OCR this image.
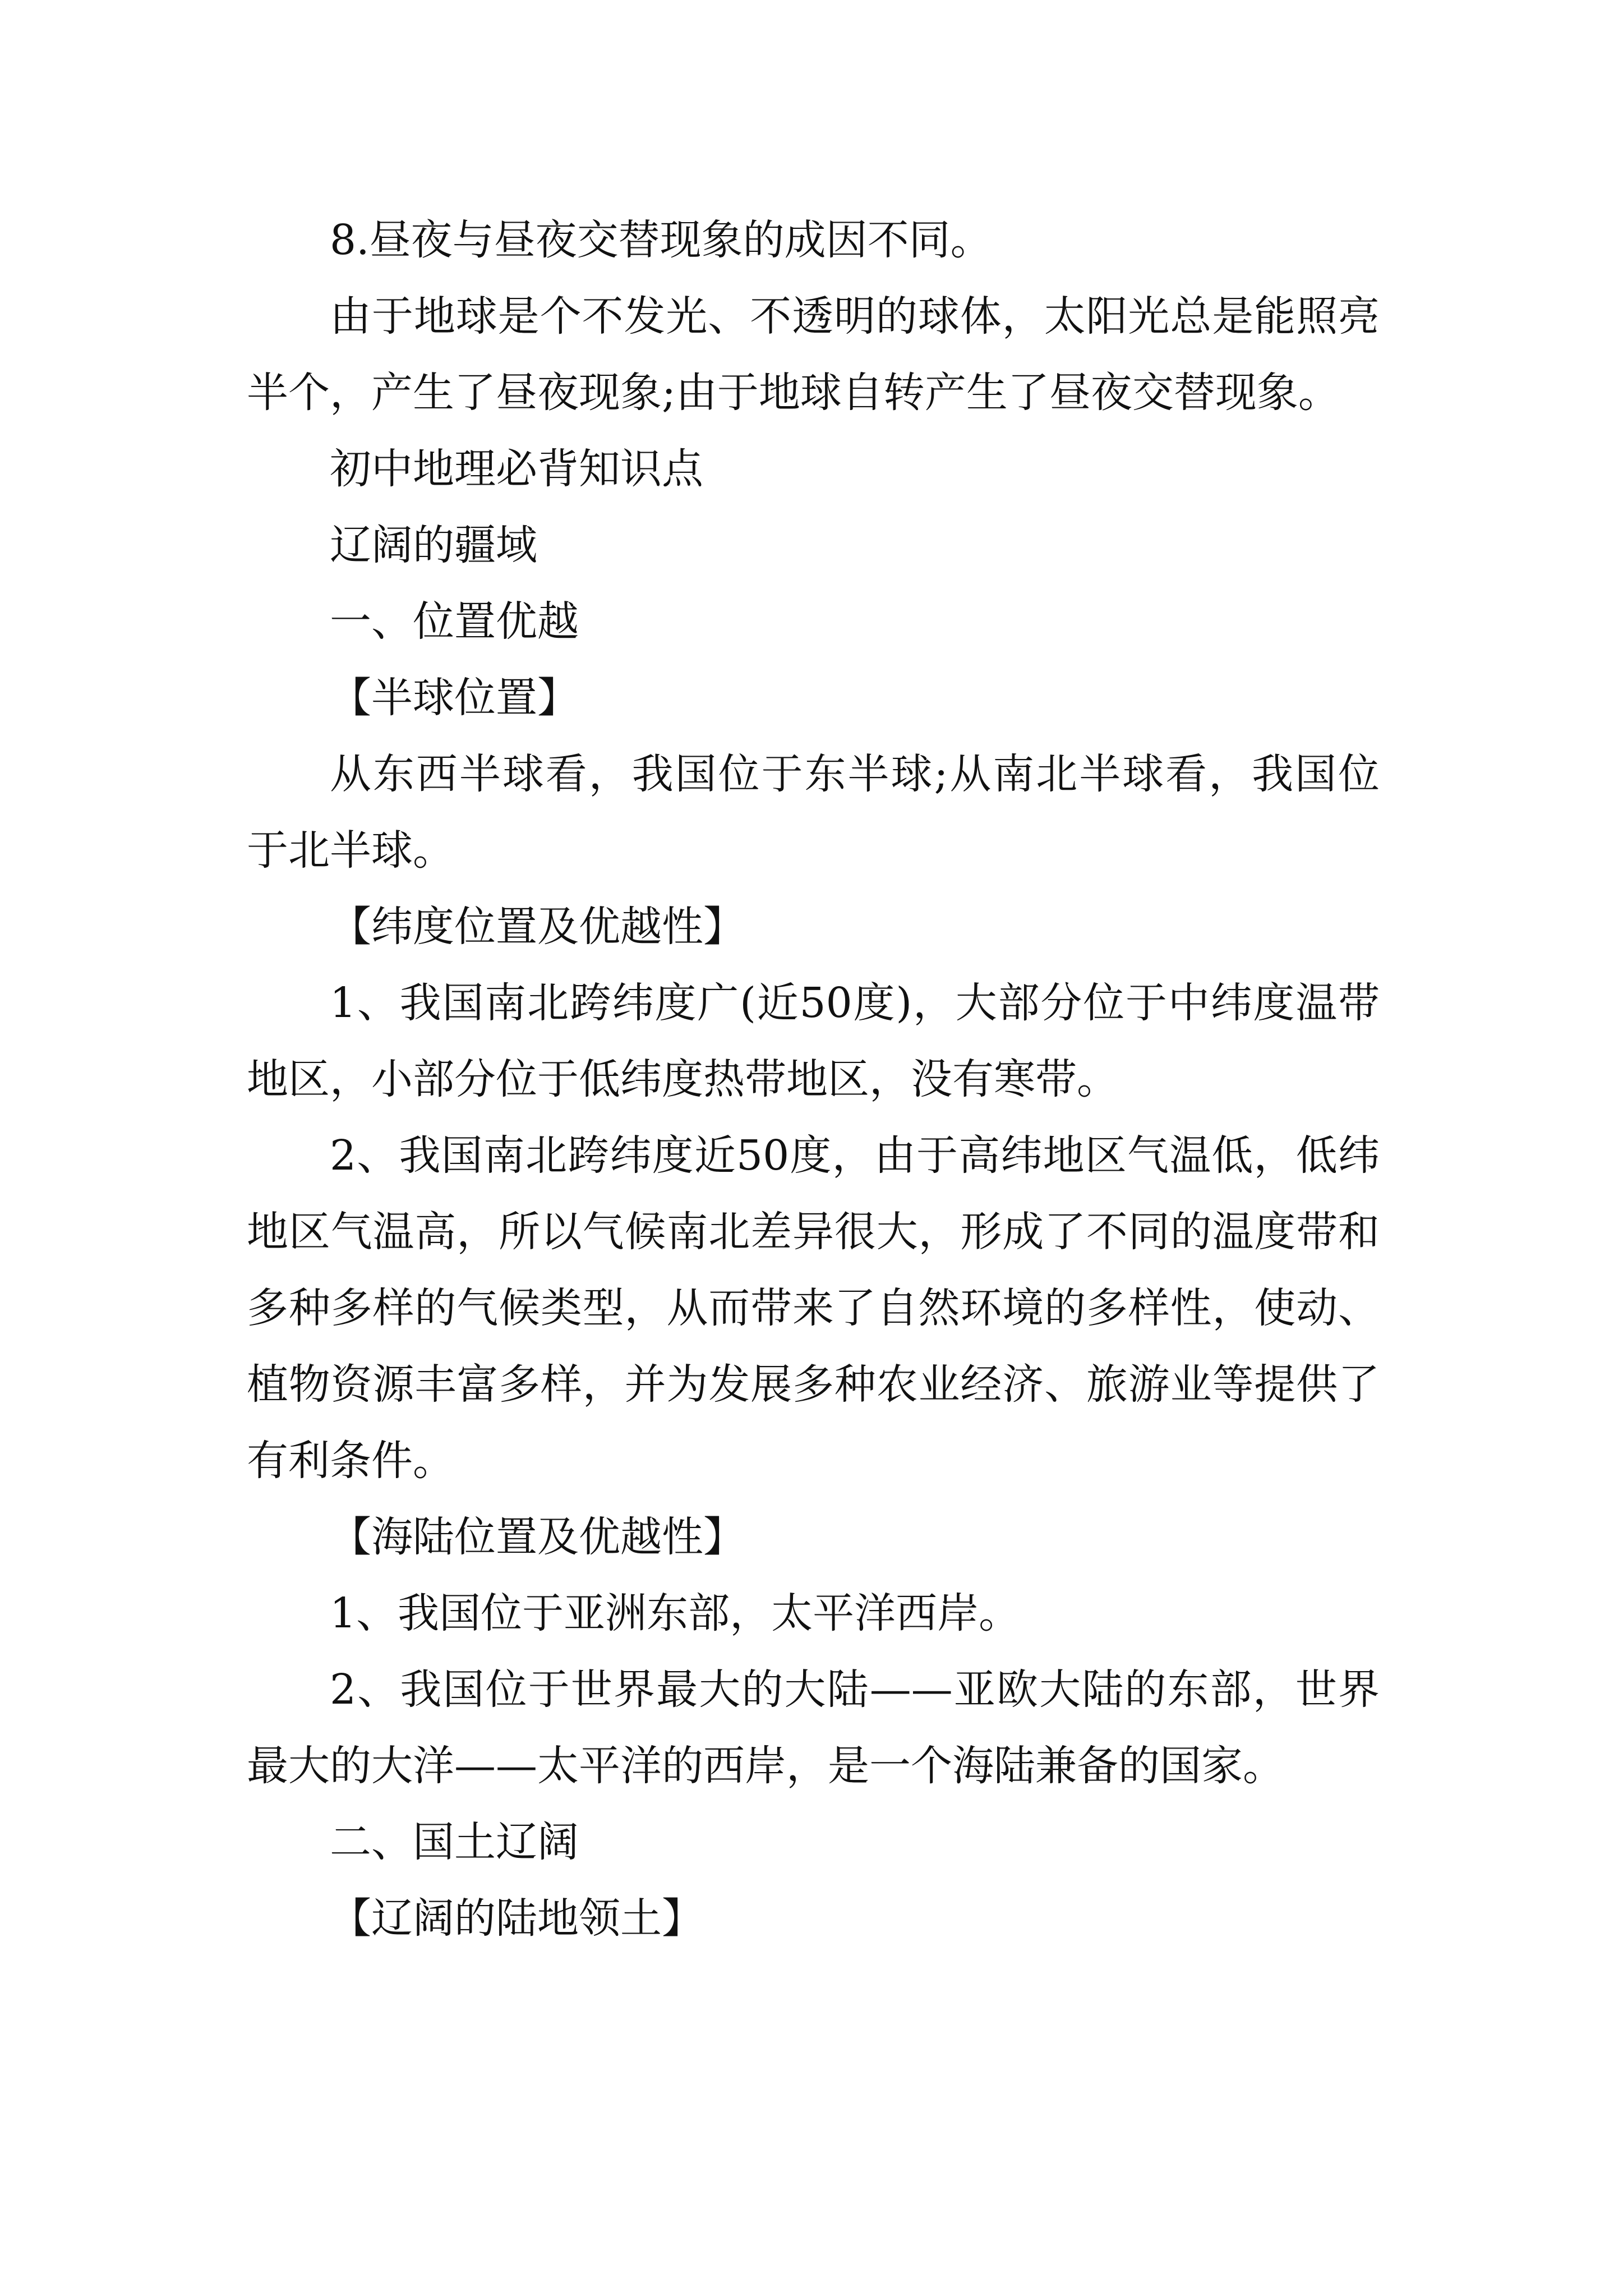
8.昼夜与昼夜交替现象的成因不同。

由于地球是个不发光、不透明的球体，太阳光总是能照亮半个，产生了昼夜现象;由于地球自转产生了昼夜交替现象。

初中地理必背知识点

辽阔的疆域

一、位置优越

【半球位置】

从东西半球看，我国位于东半球;从南北半球看，我国位于北半球。

【纬度位置及优越性】

1、我国南北跨纬度广(近50度)，大部分位于中纬度温带地区，小部分位于低纬度热带地区，没有寒带。

2、我国南北跨纬度近50度，由于高纬地区气温低，低纬地区气温高，所以气候南北差异很大，形成了不同的温度带和多种多样的气候类型，从而带来了自然环境的多样性，使动、植物资源丰富多样，并为发展多种农业经济、旅游业等提供了有利条件。

【海陆位置及优越性】

1、我国位于亚洲东部，太平洋西岸。

2、我国位于世界最大的大陆——亚欧大陆的东部，世界最大的大洋——太平洋的西岸，是一个海陆兼备的国家。

二、国土辽阔

【辽阔的陆地领土】
